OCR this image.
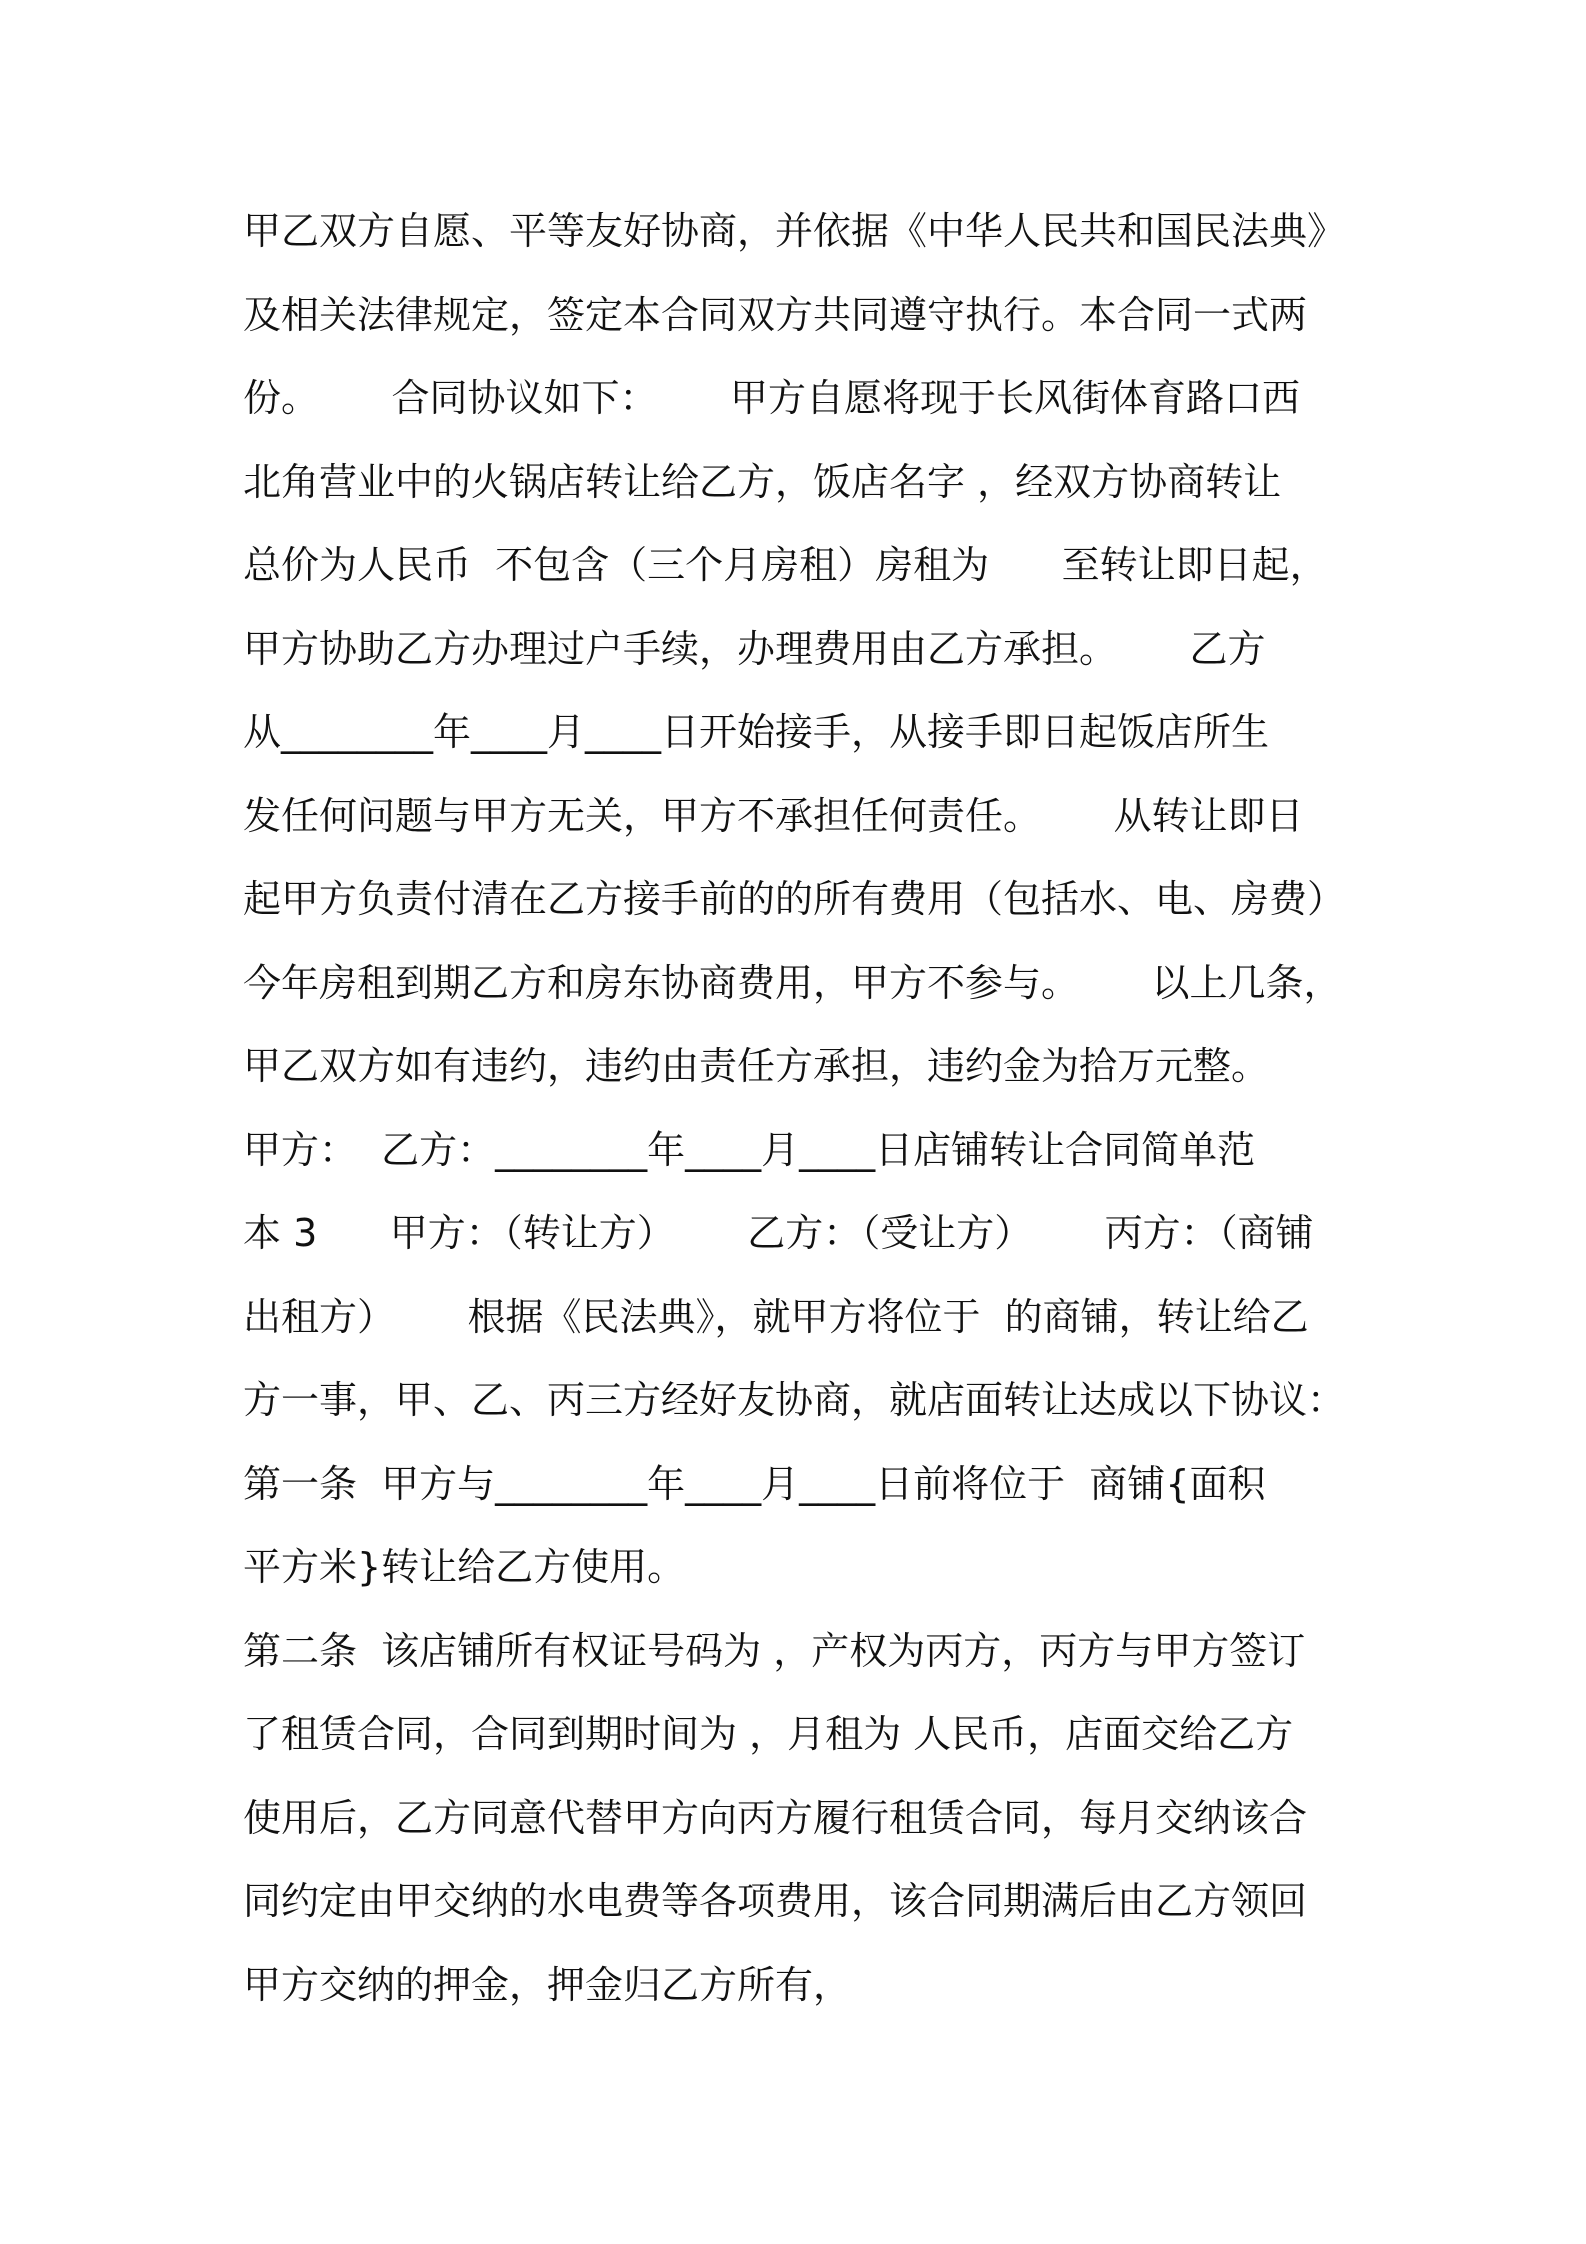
甲乙双方自愿、平等友好协商，并依据《中华人民共和国民法典》
及相关法律规定，签定本合同双方共同遵守执行。本合同一式两
份。      合同协议如下：      甲方自愿将现于长风街体育路口西
北角营业中的火锅店转让给乙方，饭店名字 ，经双方协商转让
总价为人民币  不包含（三个月房租）房租为      至转让即日起，
甲方协助乙方办理过户手续，办理费用由乙方承担。      乙方
从________年____月____日开始接手，从接手即日起饭店所生
发任何问题与甲方无关，甲方不承担任何责任。      从转让即日
起甲方负责付清在乙方接手前的的所有费用（包括水、电、房费）
今年房租到期乙方和房东协商费用，甲方不参与。      以上几条，
甲乙双方如有违约，违约由责任方承担，违约金为拾万元整。
甲方：  乙方：________年____月____日店铺转让合同简单范
本 3      甲方：（转让方）      乙方：（受让方）      丙方：（商铺
出租方）      根据《民法典》，就甲方将位于  的商铺，转让给乙
方一事，甲、乙、丙三方经好友协商，就店面转让达成以下协议：
第一条  甲方与________年____月____日前将位于  商铺{面积
平方米}转让给乙方使用。
第二条  该店铺所有权证号码为 ，产权为丙方，丙方与甲方签订
了租赁合同，合同到期时间为 ，月租为 人民币，店面交给乙方
使用后，乙方同意代替甲方向丙方履行租赁合同，每月交纳该合
同约定由甲交纳的水电费等各项费用，该合同期满后由乙方领回
甲方交纳的押金，押金归乙方所有，
